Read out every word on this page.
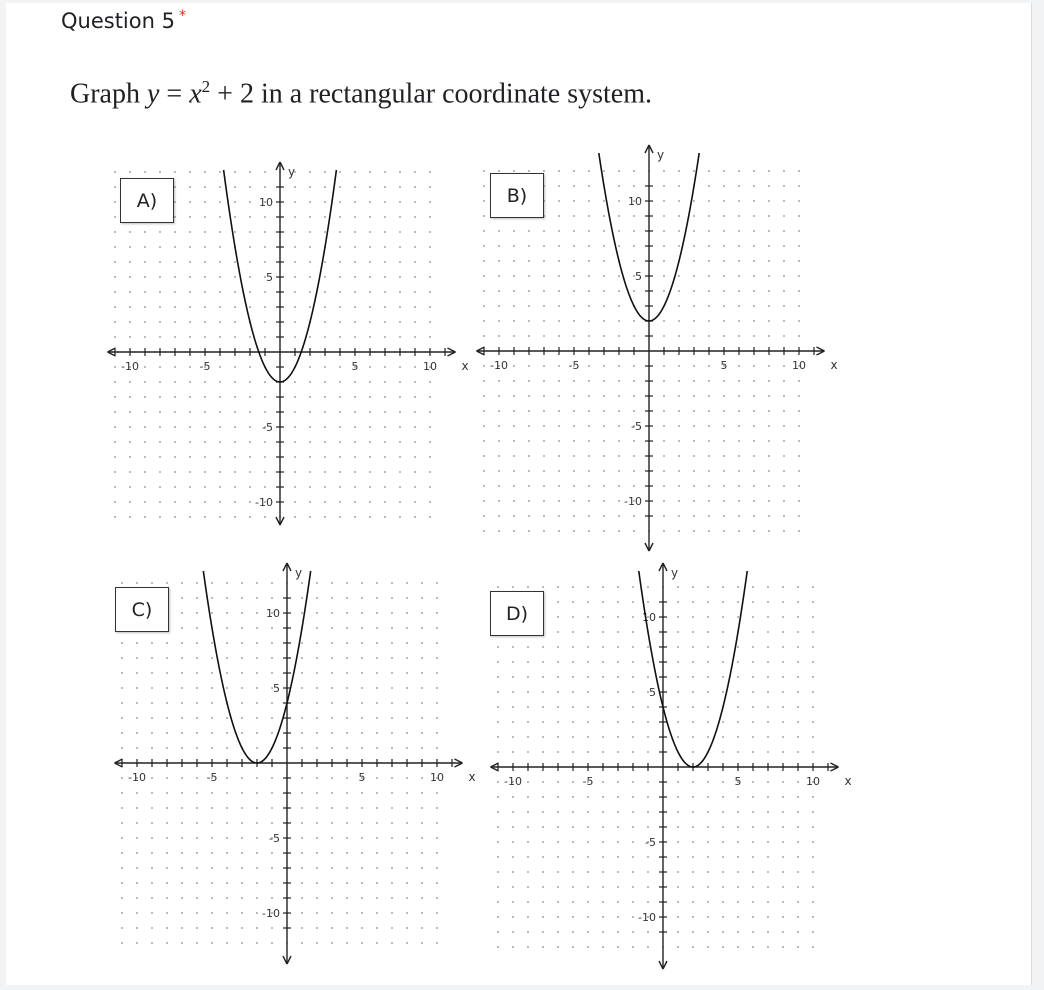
Question 5 *
Graph $y = x^2 + 2$ in a rectangular coordinate system.
-10	-5	5	10
10
5
-5
-10
x
y
-10	-5	5	10
10
5
-5
-10
x
y
-10	-5	5	10
10
5
-5
-10
x
y
-10	-5	5	10
10
5
-5
-10
x
y
A)	B)
C)	D)
